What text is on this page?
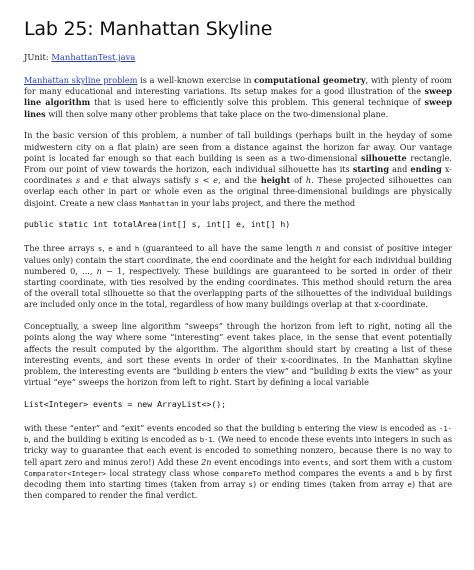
Lab 25: Manhattan Skyline

JUnit: ManhattanTest.java

Manhattan skyline problem is a well-known exercise in computational geometry, with plenty of room for many educational and interesting variations. Its setup makes for a good illustration of the sweep line algorithm that is used here to efficiently solve this problem. This general technique of sweep lines will then solve many other problems that take place on the two-dimensional plane.

In the basic version of this problem, a number of tall buildings (perhaps built in the heyday of some midwestern city on a flat plain) are seen from a distance against the horizon far away. Our vantage point is located far enough so that each building is seen as a two-dimensional silhouette rectangle. From our point of view towards the horizon, each individual silhouette has its starting and ending x-coordinates s and e that always satisfy s < e, and the height of h. These projected silhouettes can overlap each other in part or whole even as the original three-dimensional buildings are physically disjoint. Create a new class Manhattan in your labs project, and there the method

public static int totalArea(int[] s, int[] e, int[] h)

The three arrays s, e and h (guaranteed to all have the same length n and consist of positive integer values only) contain the start coordinate, the end coordinate and the height for each individual building numbered 0, ..., n − 1, respectively. These buildings are guaranteed to be sorted in order of their starting coordinate, with ties resolved by the ending coordinates. This method should return the area of the overall total silhouette so that the overlapping parts of the silhouettes of the individual buildings are included only once in the total, regardless of how many buildings overlap at that x-coordinate.

Conceptually, a sweep line algorithm “sweeps” through the horizon from left to right, noting all the points along the way where some “interesting” event takes place, in the sense that event potentially affects the result computed by the algorithm. The algorithm should start by creating a list of these interesting events, and sort these events in order of their x-coordinates. In the Manhattan skyline problem, the interesting events are “building b enters the view” and “building b exits the view” as your virtual “eye” sweeps the horizon from left to right. Start by defining a local variable

List<Integer> events = new ArrayList<>();

with these “enter” and “exit” events encoded so that the building b entering the view is encoded as -1-b, and the building b exiting is encoded as b-1. (We need to encode these events into integers in such as tricky way to guarantee that each event is encoded to something nonzero, because there is no way to tell apart zero and minus zero!) Add these 2n event encodings into events, and sort them with a custom Comparator<Integer> local strategy class whose compareTo method compares the events a and b by first decoding them into starting times (taken from array s) or ending times (taken from array e) that are then compared to render the final verdict.
